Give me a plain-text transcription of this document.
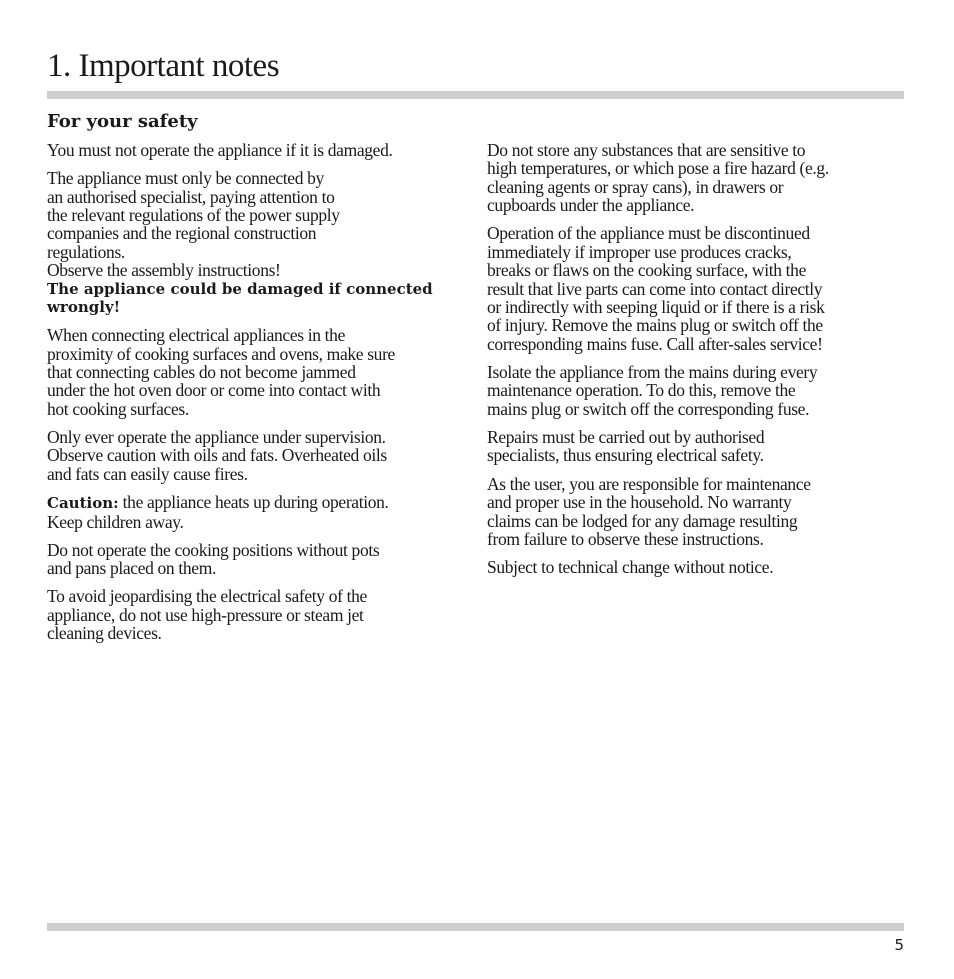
1. Important notes
For your safety

You must not operate the appliance if it is damaged.

The appliance must only be connected by
an authorised specialist, paying attention to
the relevant regulations of the power supply
companies and the regional construction
regulations.

Observe the assembly instructions!

The appliance could be damaged if connected
wrongly!

When connecting electrical appliances in the
proximity of cooking surfaces and ovens, make sure
that connecting cables do not become jammed
under the hot oven door or come into contact with
hot cooking surfaces.

Only ever operate the appliance under supervision.
Observe caution with oils and fats. Overheated oils
and fats can easily cause fires.

Caution: the appliance heats up during operation.
Keep children away.

Do not operate the cooking positions without pots
and pans placed on them.

To avoid jeopardising the electrical safety of the
appliance, do not use high-pressure or steam jet
cleaning devices.

Do not store any substances that are sensitive to
high temperatures, or which pose a fire hazard (e.g.
cleaning agents or spray cans), in drawers or
cupboards under the appliance.

Operation of the appliance must be discontinued
immediately if improper use produces cracks,
breaks or flaws on the cooking surface, with the
result that live parts can come into contact directly
or indirectly with seeping liquid or if there is a risk
of injury. Remove the mains plug or switch off the
corresponding mains fuse. Call after-sales service!

Isolate the appliance from the mains during every
maintenance operation. To do this, remove the
mains plug or switch off the corresponding fuse.

Repairs must be carried out by authorised
specialists, thus ensuring electrical safety.

As the user, you are responsible for maintenance
and proper use in the household. No warranty
claims can be lodged for any damage resulting
from failure to observe these instructions.

Subject to technical change without notice.

5
